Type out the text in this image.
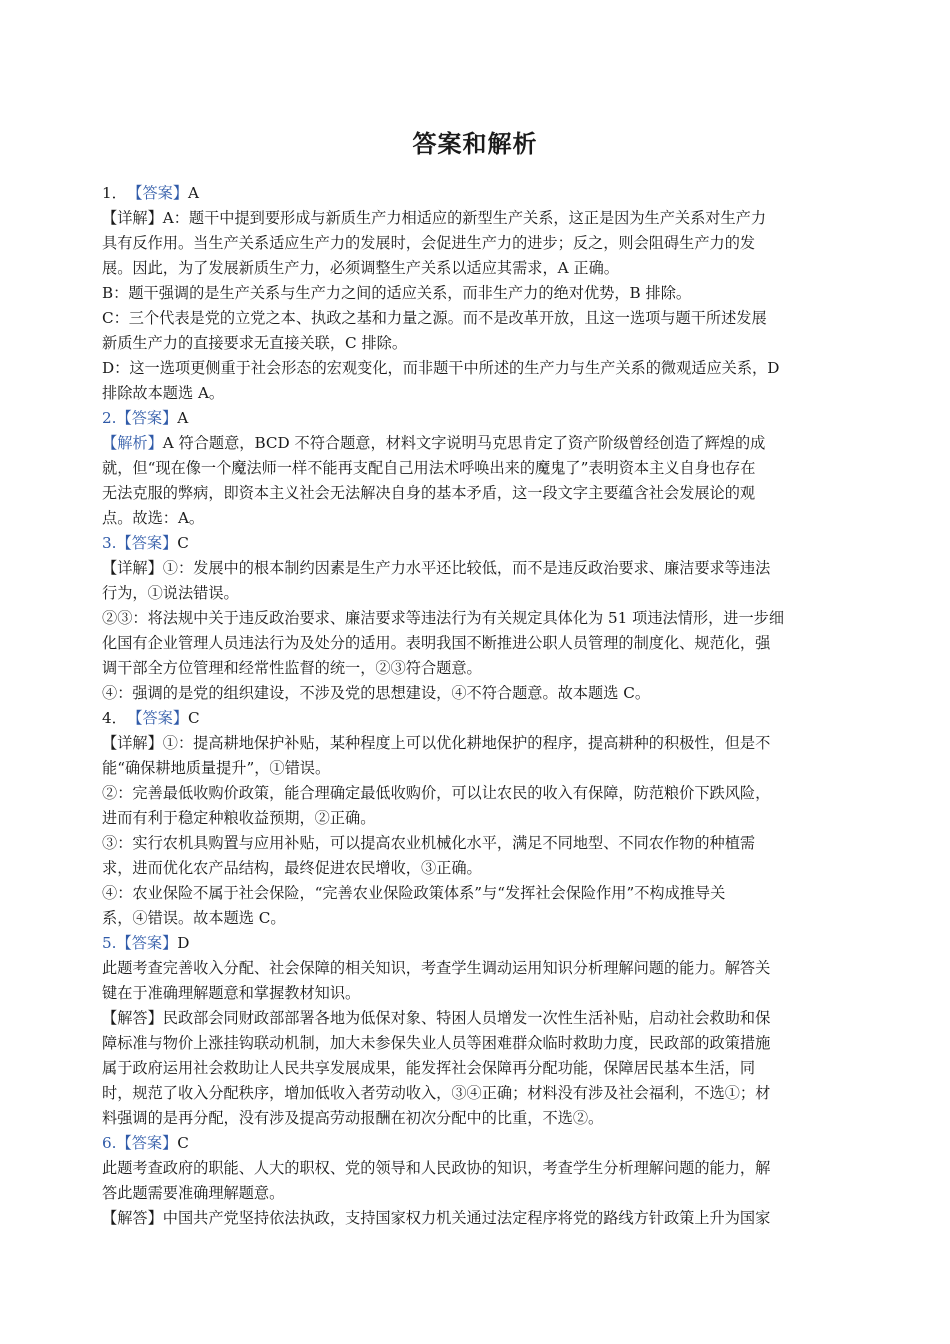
答案和解析
1． 【答案】A
【详解】A：题干中提到要形成与新质生产力相适应的新型生产关系，这正是因为生产关系对生产力
具有反作用。当生产关系适应生产力的发展时，会促进生产力的进步；反之，则会阻碍生产力的发
展。因此，为了发展新质生产力，必须调整生产关系以适应其需求，A 正确。
B：题干强调的是生产关系与生产力之间的适应关系，而非生产力的绝对优势，B 排除。
C：三个代表是党的立党之本、执政之基和力量之源。而不是改革开放，且这一选项与题干所述发展
新质生产力的直接要求无直接关联，C 排除。
D：这一选项更侧重于社会形态的宏观变化，而非题干中所述的生产力与生产关系的微观适应关系，D
排除故本题选 A。
2.【答案】A
【解析】A 符合题意，BCD 不符合题意，材料文字说明马克思肯定了资产阶级曾经创造了辉煌的成
就，但“现在像一个魔法师一样不能再支配自己用法术呼唤出来的魔鬼了”表明资本主义自身也存在
无法克服的弊病，即资本主义社会无法解决自身的基本矛盾，这一段文字主要蕴含社会发展论的观
点。故选：A。
3.【答案】C
【详解】①：发展中的根本制约因素是生产力水平还比较低，而不是违反政治要求、廉洁要求等违法
行为，①说法错误。
②③：将法规中关于违反政治要求、廉洁要求等违法行为有关规定具体化为 51 项违法情形，进一步细
化国有企业管理人员违法行为及处分的适用。表明我国不断推进公职人员管理的制度化、规范化，强
调干部全方位管理和经常性监督的统一，②③符合题意。
④：强调的是党的组织建设，不涉及党的思想建设，④不符合题意。故本题选 C。
4． 【答案】C
【详解】①：提高耕地保护补贴，某种程度上可以优化耕地保护的程序，提高耕种的积极性，但是不
能“确保耕地质量提升”，①错误。
②：完善最低收购价政策，能合理确定最低收购价，可以让农民的收入有保障，防范粮价下跌风险，
进而有利于稳定种粮收益预期，②正确。
③：实行农机具购置与应用补贴，可以提高农业机械化水平，满足不同地型、不同农作物的种植需
求，进而优化农产品结构，最终促进农民增收，③正确。
④：农业保险不属于社会保险，“完善农业保险政策体系”与“发挥社会保险作用”不构成推导关
系，④错误。故本题选 C。
5.【答案】D
此题考查完善收入分配、社会保障的相关知识，考查学生调动运用知识分析理解问题的能力。解答关
键在于准确理解题意和掌握教材知识。
【解答】民政部会同财政部部署各地为低保对象、特困人员增发一次性生活补贴，启动社会救助和保
障标准与物价上涨挂钩联动机制，加大未参保失业人员等困难群众临时救助力度，民政部的政策措施
属于政府运用社会救助让人民共享发展成果，能发挥社会保障再分配功能，保障居民基本生活，同
时，规范了收入分配秩序，增加低收入者劳动收入，③④正确；材料没有涉及社会福利，不选①；材
料强调的是再分配，没有涉及提高劳动报酬在初次分配中的比重，不选②。
6.【答案】C
此题考查政府的职能、人大的职权、党的领导和人民政协的知识，考查学生分析理解问题的能力，解
答此题需要准确理解题意。
【解答】中国共产党坚持依法执政，支持国家权力机关通过法定程序将党的路线方针政策上升为国家
